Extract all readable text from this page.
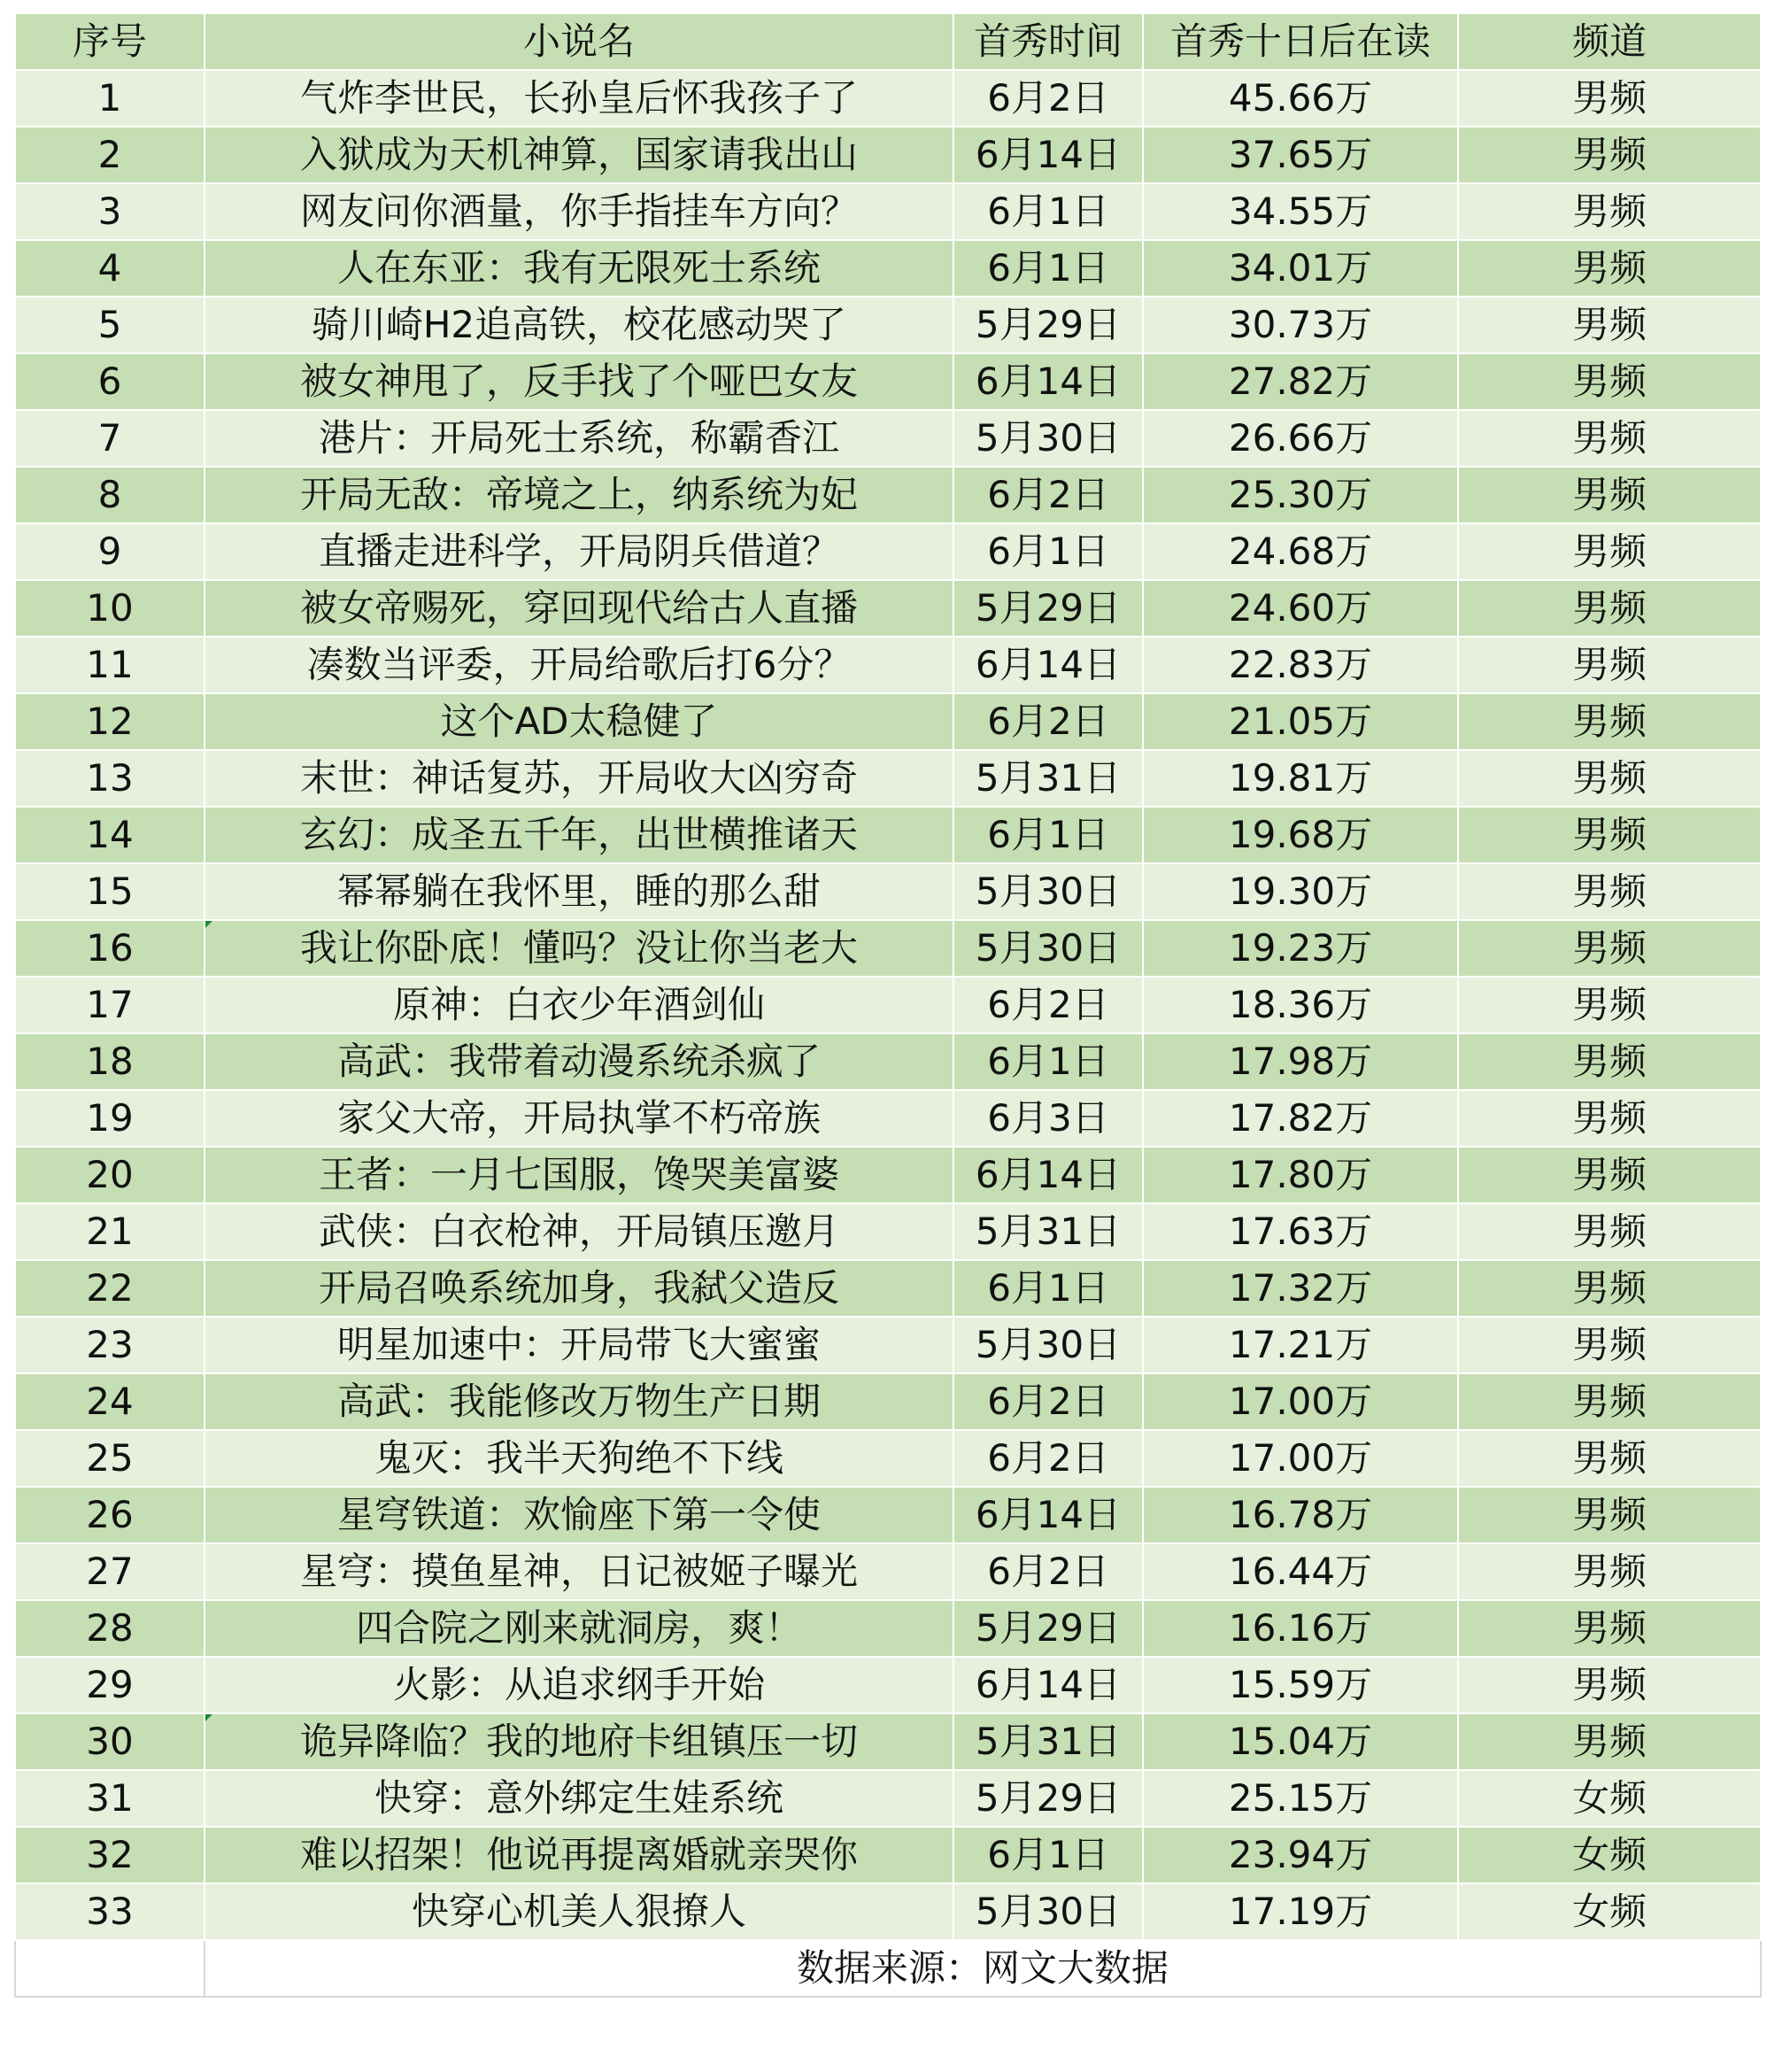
序号	小说名	首秀时间	首秀十日后在读	频道
1	气炸李世民，长孙皇后怀我孩子了	6月2日	45.66万	男频
2	入狱成为天机神算，国家请我出山	6月14日	37.65万	男频
3	网友问你酒量，你手指挂车方向？	6月1日	34.55万	男频
4	人在东亚：我有无限死士系统	6月1日	34.01万	男频
5	骑川崎H2追高铁，校花感动哭了	5月29日	30.73万	男频
6	被女神甩了，反手找了个哑巴女友	6月14日	27.82万	男频
7	港片：开局死士系统，称霸香江	5月30日	26.66万	男频
8	开局无敌：帝境之上，纳系统为妃	6月2日	25.30万	男频
9	直播走进科学，开局阴兵借道？	6月1日	24.68万	男频
10	被女帝赐死，穿回现代给古人直播	5月29日	24.60万	男频
11	凑数当评委，开局给歌后打6分？	6月14日	22.83万	男频
12	这个AD太稳健了	6月2日	21.05万	男频
13	末世：神话复苏，开局收大凶穷奇	5月31日	19.81万	男频
14	玄幻：成圣五千年，出世横推诸天	6月1日	19.68万	男频
15	幂幂躺在我怀里，睡的那么甜	5月30日	19.30万	男频
16	我让你卧底！懂吗？没让你当老大	5月30日	19.23万	男频
17	原神：白衣少年酒剑仙	6月2日	18.36万	男频
18	高武：我带着动漫系统杀疯了	6月1日	17.98万	男频
19	家父大帝，开局执掌不朽帝族	6月3日	17.82万	男频
20	王者：一月七国服，馋哭美富婆	6月14日	17.80万	男频
21	武侠：白衣枪神，开局镇压邀月	5月31日	17.63万	男频
22	开局召唤系统加身，我弑父造反	6月1日	17.32万	男频
23	明星加速中：开局带飞大蜜蜜	5月30日	17.21万	男频
24	高武：我能修改万物生产日期	6月2日	17.00万	男频
25	鬼灭：我半天狗绝不下线	6月2日	17.00万	男频
26	星穹铁道：欢愉座下第一令使	6月14日	16.78万	男频
27	星穹：摸鱼星神，日记被姬子曝光	6月2日	16.44万	男频
28	四合院之刚来就洞房，爽！	5月29日	16.16万	男频
29	火影：从追求纲手开始	6月14日	15.59万	男频
30	诡异降临？我的地府卡组镇压一切	5月31日	15.04万	男频
31	快穿：意外绑定生娃系统	5月29日	25.15万	女频
32	难以招架！他说再提离婚就亲哭你	6月1日	23.94万	女频
33	快穿心机美人狠撩人	5月30日	17.19万	女频
	数据来源：网文大数据			
